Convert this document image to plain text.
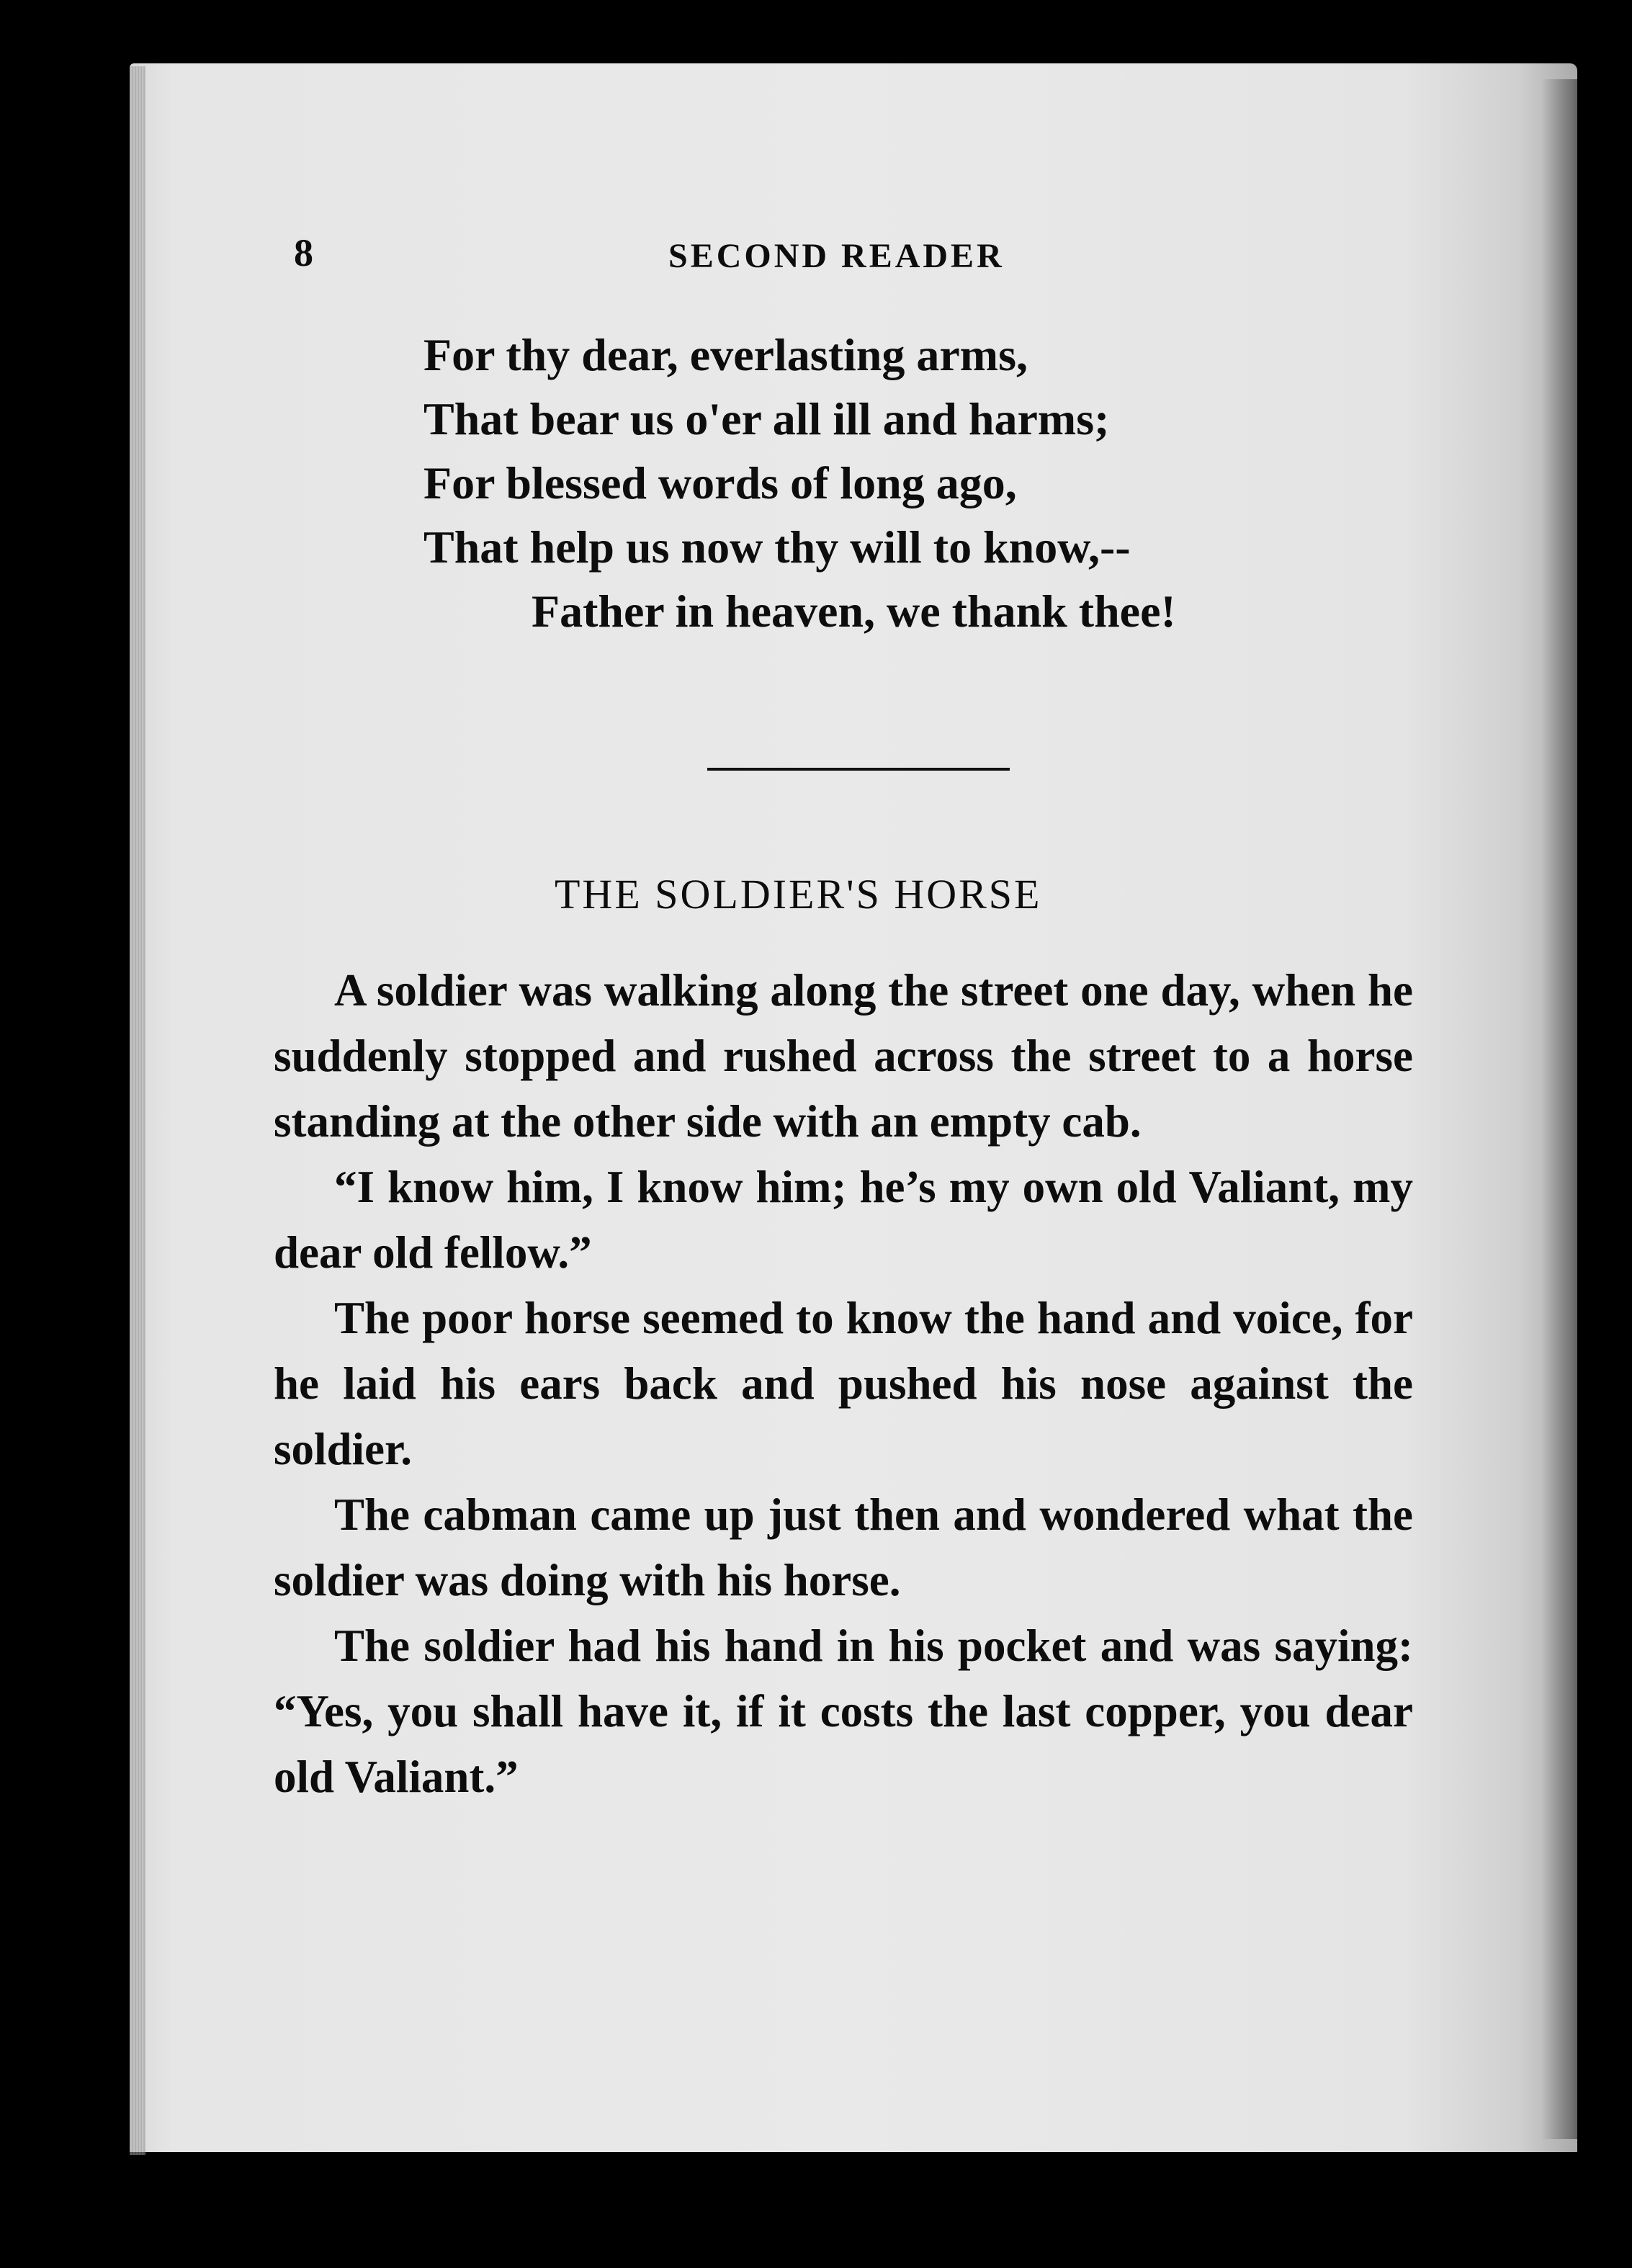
8	SECOND READER
For thy dear, everlasting arms,
That bear us o'er all ill and harms;
For blessed words of long ago,
That help us now thy will to know,--
Father in heaven, we thank thee!
THE SOLDIER'S HORSE

A soldier was walking along the street one day, when he suddenly stopped and rushed across the street to a horse standing at the other side with an empty cab.

“I know him, I know him; he’s my own old Valiant, my dear old fellow.”

The poor horse seemed to know the hand and voice, for he laid his ears back and pushed his nose against the soldier.

The cabman came up just then and wondered what the soldier was doing with his horse.

The soldier had his hand in his pocket and was saying: “Yes, you shall have it, if it costs the last copper, you dear old Valiant.”
